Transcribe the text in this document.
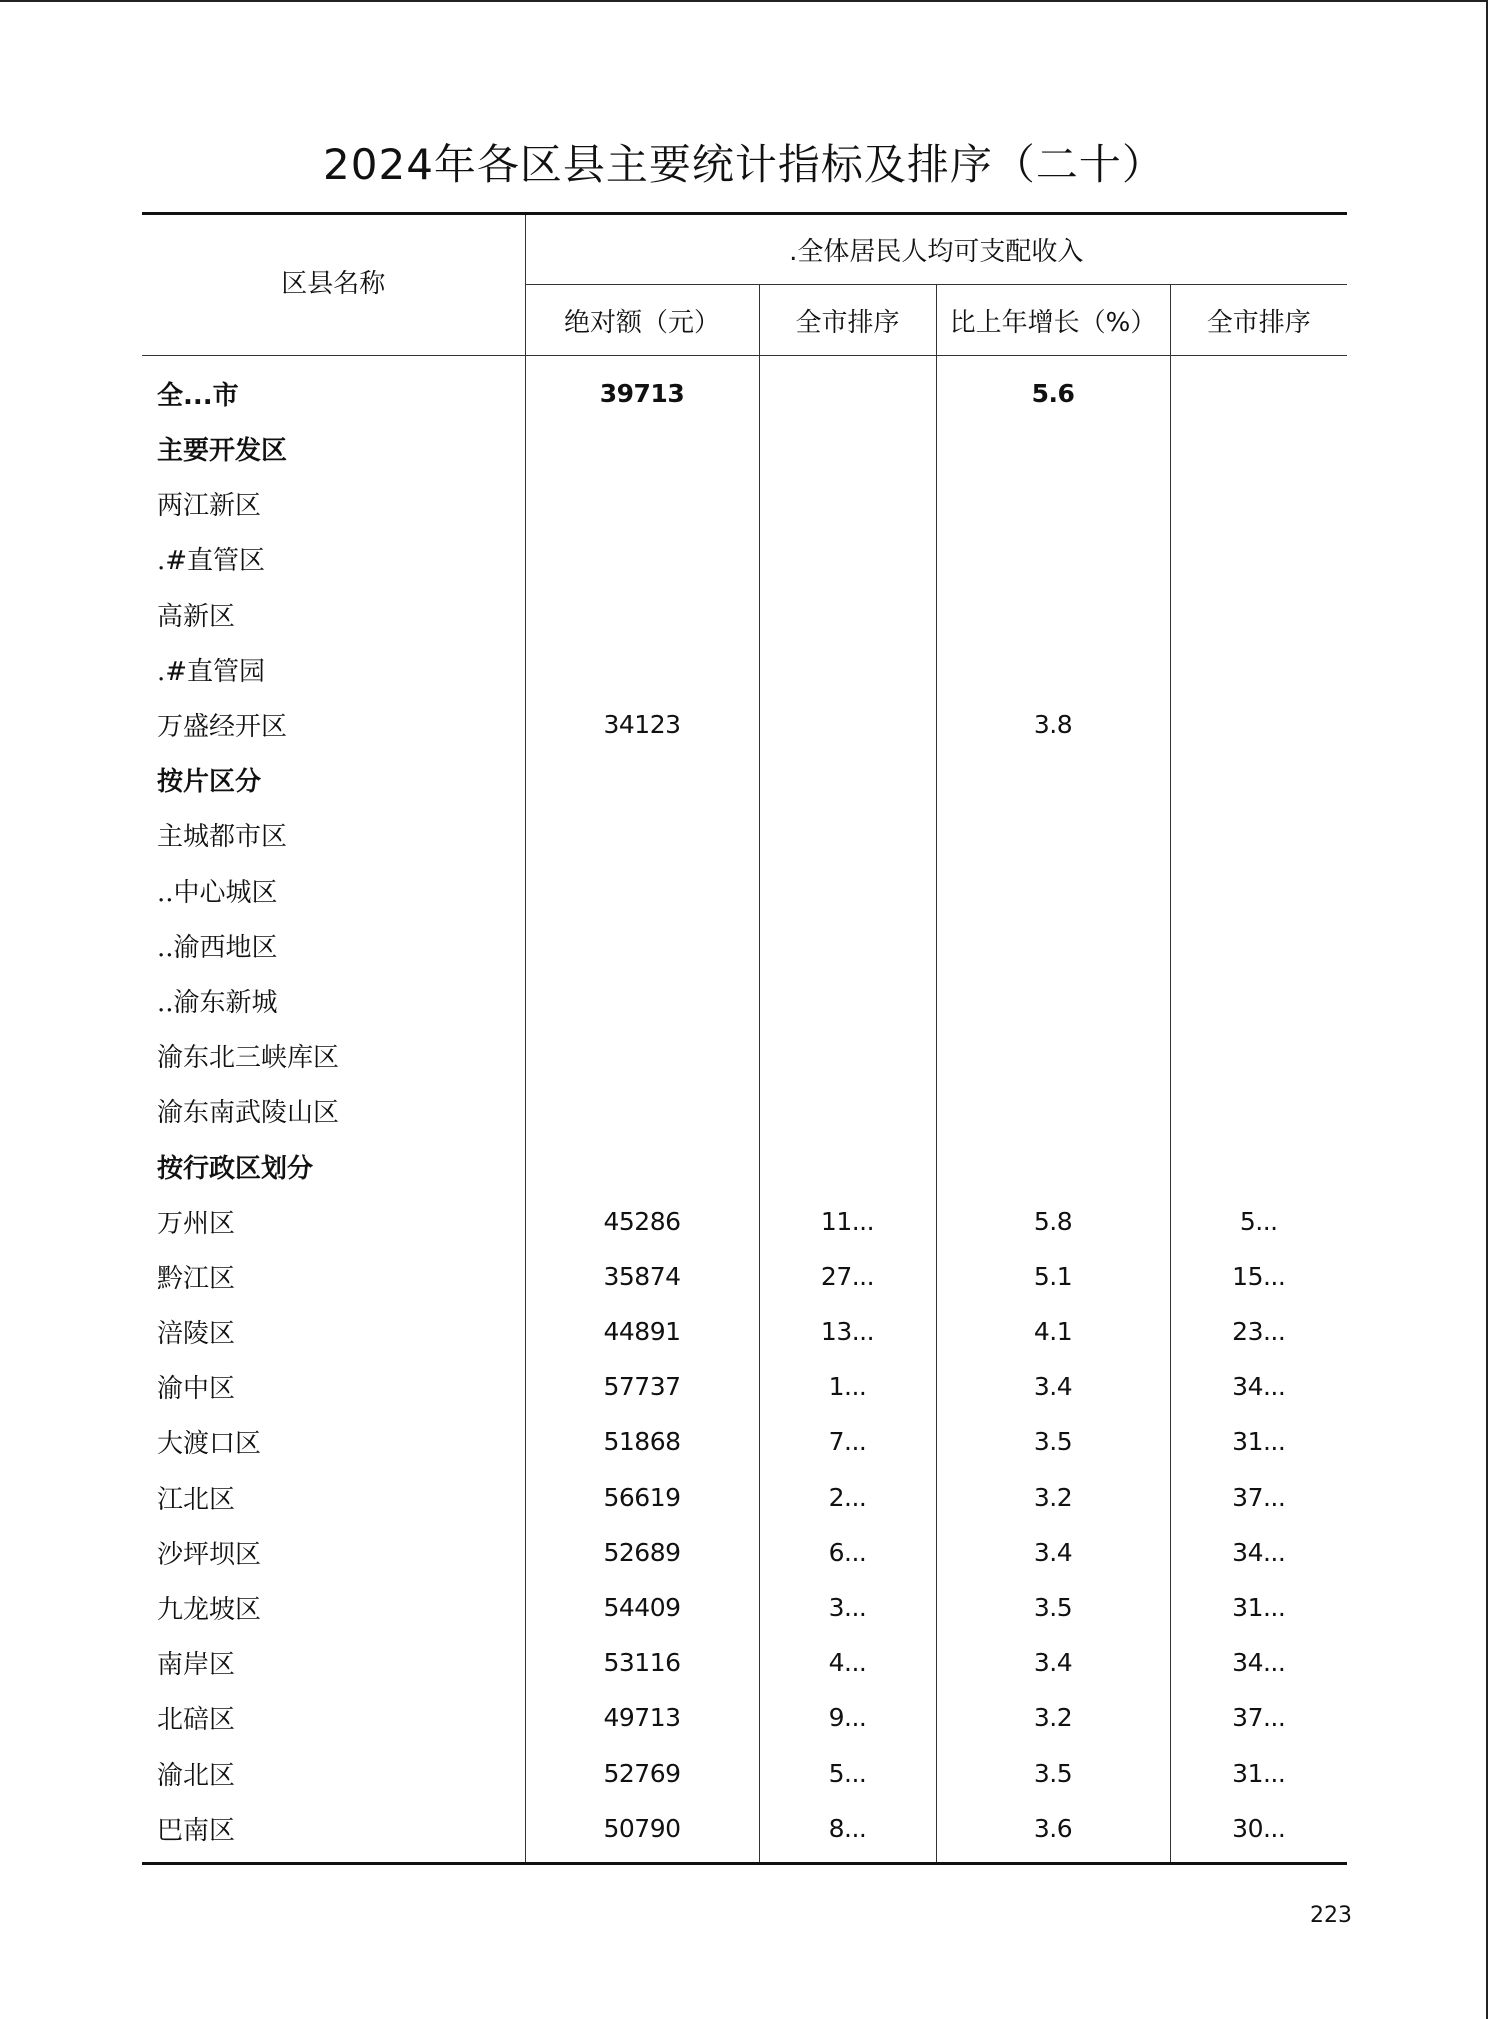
2024年各区县主要统计指标及排序（二十）
区县名称	.全体居民人均可支配收入			
	绝对额（元）	全市排序	比上年增长（%）	全市排序
全...市	39713		5.6	
主要开发区				
两江新区				
.#直管区				
高新区				
.#直管园				
万盛经开区	34123		3.8	
按片区分				
主城都市区				
..中心城区				
..渝西地区				
..渝东新城				
渝东北三峡库区				
渝东南武陵山区				
按行政区划分				
万州区	45286	11...	5.8	5...
黔江区	35874	27...	5.1	15...
涪陵区	44891	13...	4.1	23...
渝中区	57737	1...	3.4	34...
大渡口区	51868	7...	3.5	31...
江北区	56619	2...	3.2	37...
沙坪坝区	52689	6...	3.4	34...
九龙坡区	54409	3...	3.5	31...
南岸区	53116	4...	3.4	34...
北碚区	49713	9...	3.2	37...
渝北区	52769	5...	3.5	31...
巴南区	50790	8...	3.6	30...
223
